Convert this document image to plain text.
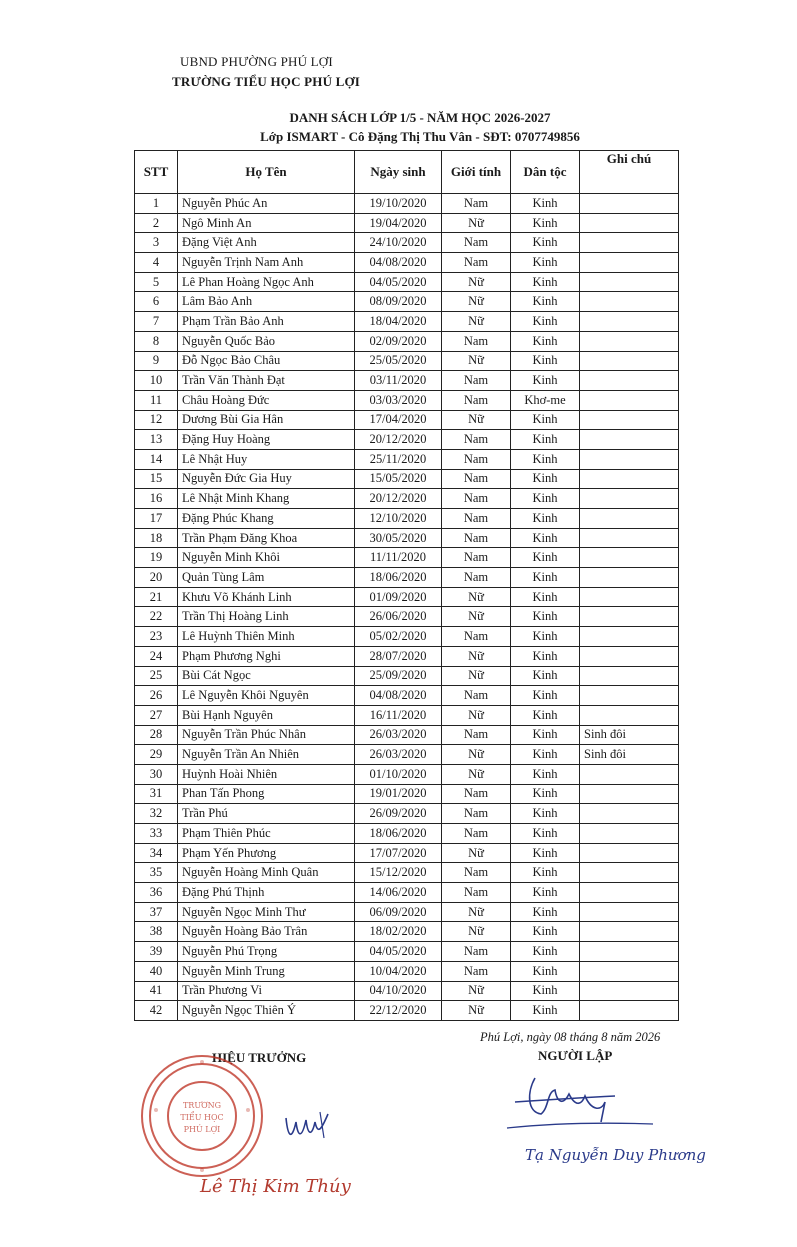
UBND PHƯỜNG PHÚ LỢI
TRƯỜNG TIỂU HỌC PHÚ LỢI
DANH SÁCH LỚP 1/5 - NĂM HỌC 2026-2027
Lớp ISMART - Cô Đặng Thị Thu Vân - SĐT: 0707749856
STT	Họ Tên	Ngày sinh	Giới tính	Dân tộc	Ghi chú
1	Nguyễn Phúc An	19/10/2020	Nam	Kinh	
2	Ngô Minh An	19/04/2020	Nữ	Kinh	
3	Đặng Việt Anh	24/10/2020	Nam	Kinh	
4	Nguyễn Trịnh Nam Anh	04/08/2020	Nam	Kinh	
5	Lê Phan Hoàng Ngọc Anh	04/05/2020	Nữ	Kinh	
6	Lâm Bảo Anh	08/09/2020	Nữ	Kinh	
7	Phạm Trần Bảo Anh	18/04/2020	Nữ	Kinh	
8	Nguyễn Quốc Bảo	02/09/2020	Nam	Kinh	
9	Đỗ Ngọc Bảo Châu	25/05/2020	Nữ	Kinh	
10	Trần Văn Thành Đạt	03/11/2020	Nam	Kinh	
11	Châu Hoàng Đức	03/03/2020	Nam	Khơ-me	
12	Dương Bùi Gia Hân	17/04/2020	Nữ	Kinh	
13	Đặng Huy Hoàng	20/12/2020	Nam	Kinh	
14	Lê Nhật Huy	25/11/2020	Nam	Kinh	
15	Nguyễn Đức Gia Huy	15/05/2020	Nam	Kinh	
16	Lê Nhật Minh Khang	20/12/2020	Nam	Kinh	
17	Đặng Phúc Khang	12/10/2020	Nam	Kinh	
18	Trần Phạm Đăng Khoa	30/05/2020	Nam	Kinh	
19	Nguyễn Minh Khôi	11/11/2020	Nam	Kinh	
20	Quản Tùng Lâm	18/06/2020	Nam	Kinh	
21	Khưu Võ Khánh Linh	01/09/2020	Nữ	Kinh	
22	Trần Thị Hoàng Linh	26/06/2020	Nữ	Kinh	
23	Lê Huỳnh Thiên Minh	05/02/2020	Nam	Kinh	
24	Phạm Phương Nghi	28/07/2020	Nữ	Kinh	
25	Bùi Cát Ngọc	25/09/2020	Nữ	Kinh	
26	Lê Nguyễn Khôi Nguyên	04/08/2020	Nam	Kinh	
27	Bùi Hạnh Nguyên	16/11/2020	Nữ	Kinh	
28	Nguyễn Trần Phúc Nhân	26/03/2020	Nam	Kinh	Sinh đôi
29	Nguyễn Trần An Nhiên	26/03/2020	Nữ	Kinh	Sinh đôi
30	Huỳnh Hoài Nhiên	01/10/2020	Nữ	Kinh	
31	Phan Tấn Phong	19/01/2020	Nam	Kinh	
32	Trần Phú	26/09/2020	Nam	Kinh	
33	Phạm Thiên Phúc	18/06/2020	Nam	Kinh	
34	Phạm Yến Phương	17/07/2020	Nữ	Kinh	
35	Nguyễn Hoàng Minh Quân	15/12/2020	Nam	Kinh	
36	Đặng Phú Thịnh	14/06/2020	Nam	Kinh	
37	Nguyễn Ngọc Minh Thư	06/09/2020	Nữ	Kinh	
38	Nguyễn Hoàng Bảo Trân	18/02/2020	Nữ	Kinh	
39	Nguyễn Phú Trọng	04/05/2020	Nam	Kinh	
40	Nguyễn Minh Trung	10/04/2020	Nam	Kinh	
41	Trần Phương Vi	04/10/2020	Nữ	Kinh	
42	Nguyễn Ngọc Thiên Ý	22/12/2020	Nữ	Kinh	
Phú Lợi, ngày 08 tháng 8 năm 2026
HIỆU TRƯỞNG	NGƯỜI LẬP
TRƯỜNG
TIỂU HỌC
PHÚ LỢI
Lê Thị Kim Thúy
Tạ Nguyễn Duy Phương
